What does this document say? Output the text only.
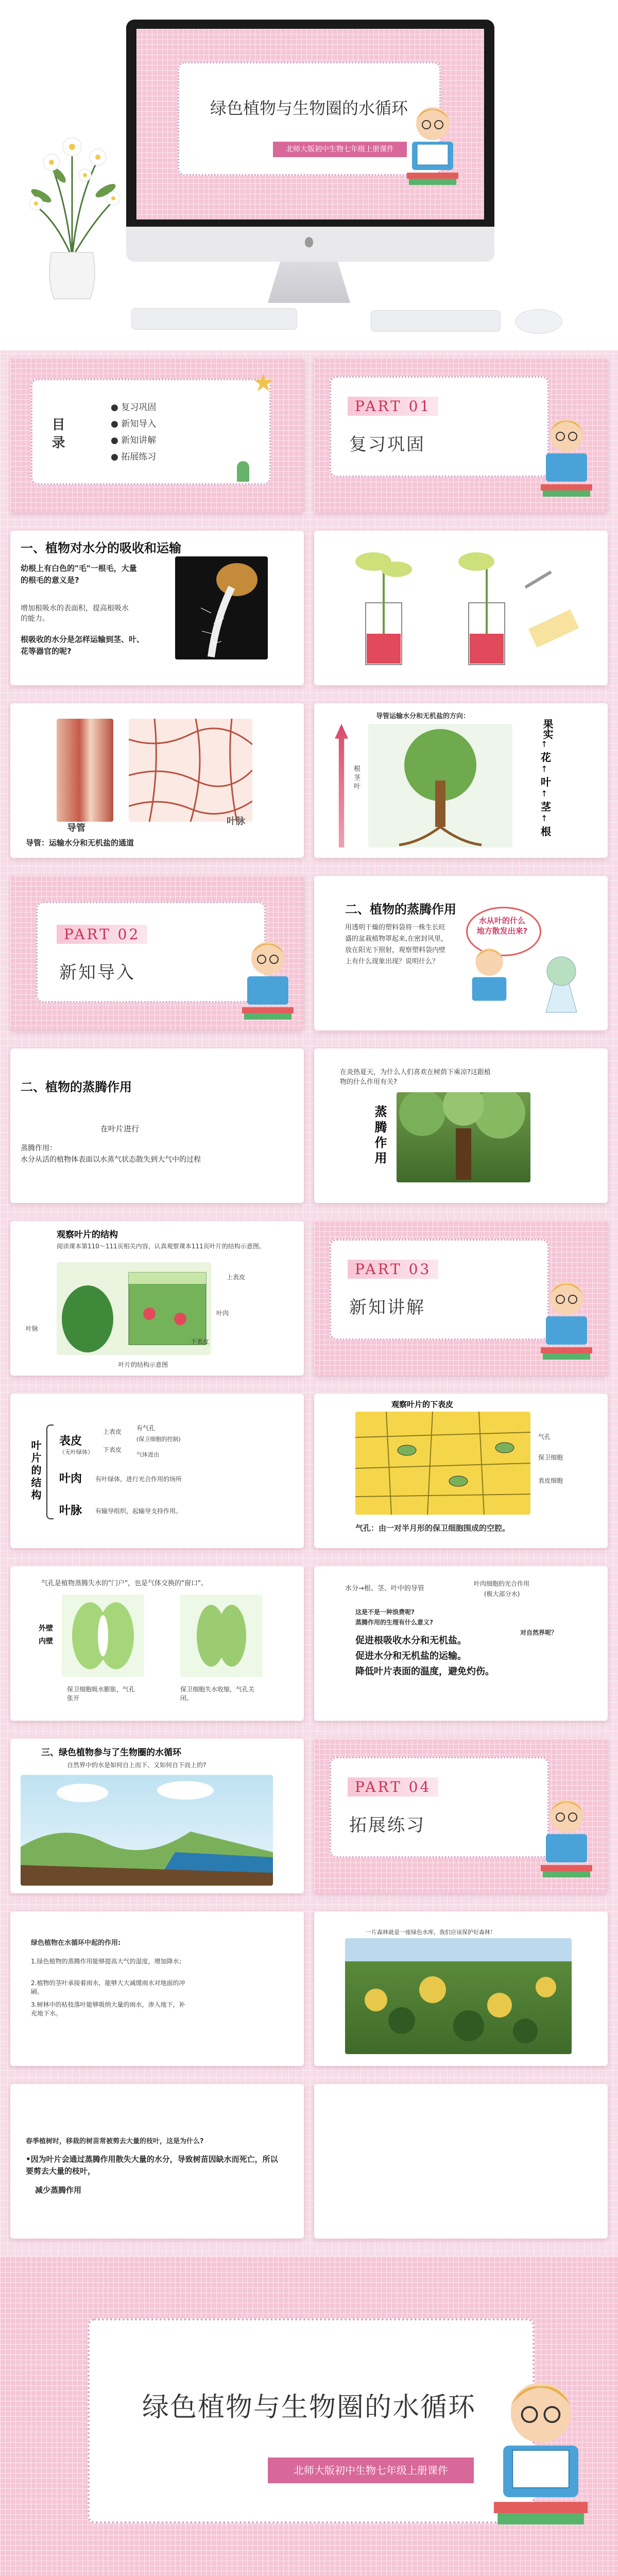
绿色植物与生物圈的水循环
北师大版初中生物七年级上册课件
目 录
● 复习巩固
● 新知导入
● 新知讲解
● 拓展练习
★
PART 01
复习巩固
一、植物对水分的吸收和运输
幼根上有白色的"毛"一根毛，大量的根毛的意义是?
增加根吸水的表面积，提高根吸水的能力。
根吸收的水分是怎样运输到茎、叶、花等器官的呢?
导管
叶脉
导管：运输水分和无机盐的通道
导管运输水分和无机盐的方向：
根 茎 叶
果实
↑
花
↑
叶
↑
茎
↑
根
PART 02
新知导入
二、植物的蒸腾作用
用透明干燥的塑料袋将一株生长旺盛的盆栽植物罩起来,在密封风里，放在阳光下照射，观察塑料袋内壁上有什么现象出现？说明什么？
水从叶的什么地方散发出来?
二、植物的蒸腾作用
在叶片进行
蒸腾作用：
水分从活的植物体表面以水蒸气状态散失到大气中的过程
在炎热夏天，为什么人们喜欢在树荫下乘凉?这跟植物的什么作用有关?
蒸腾作用
观察叶片的结构
阅读课本第110～111页相关内容，认真观察课本111页叶片的结构示意图。
上表皮
叶肉
下表皮
叶脉
叶片的结构示意图
PART 03
新知讲解
叶片的结构 表皮
（无叶绿体）
上表皮
下表皮
有气孔
(保卫细胞的控制)
气体进出
叶肉 有叶绿体，进行光合作用的场所
叶脉 有输导组织，起输导支持作用。
观察叶片的下表皮
气孔
保卫细胞
表皮细胞
气孔：由一对半月形的保卫细胞围成的空腔。
气孔是植物蒸腾失水的"门户"，也是气体交换的"窗口"。
外壁
内壁
保卫细胞吸水膨胀，气孔张开
保卫细胞失水收缩，气孔关闭。
水分→根、茎、叶中的导管
叶肉细胞的光合作用
(极大部分水)
这是不是一种浪费呢?
蒸腾作用的生理有什么意义?
促进根吸收水分和无机盐。
促进水分和无机盐的运输。
降低叶片表面的温度，避免灼伤。
对自然界呢？
三、绿色植物参与了生物圈的水循环
自然界中的水是如何自上而下、又如何自下而上的?
PART 04
拓展练习
绿色植物在水循环中起的作用:
1.绿色植物的蒸腾作用能够提高大气的湿度，增加降水；
2.植物的茎叶承接着雨水，能够大大减缓雨水对地面的冲刷。
3.树林中的枯枝落叶能够吸纳大量的雨水，渗入地下，补充地下水。
一片森林就是一座绿色水库，我们应该保护好森林！
春季植树时，移栽的树苗常被剪去大量的枝叶，这是为什么?
•因为叶片会通过蒸腾作用散失大量的水分，导致树苗因缺水而死亡，所以要剪去大量的枝叶，
减少蒸腾作用
绿色植物与生物圈的水循环
北师大版初中生物七年级上册课件
